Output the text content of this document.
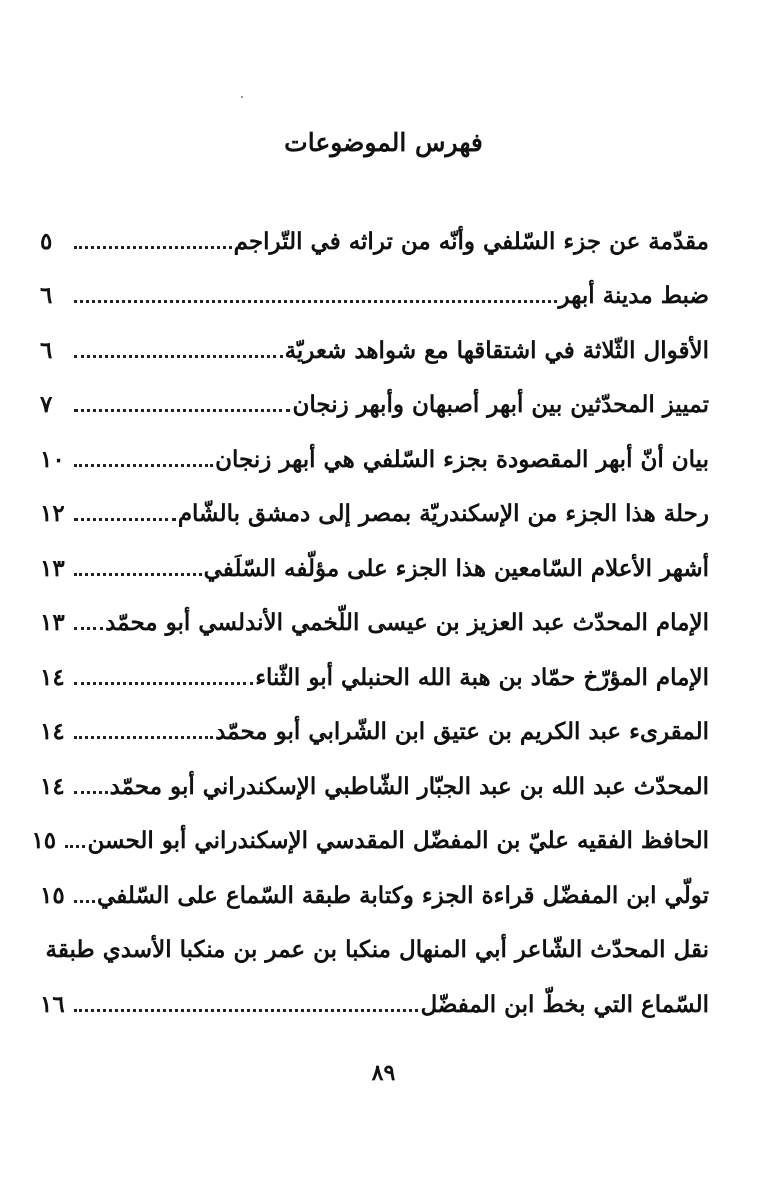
فهرس الموضوعات
مقدّمة عن جزء السّلفي وأنّه من تراثه في التّراجم
٥
ضبط مدينة أبهر
٦
الأقوال الثّلاثة في اشتقاقها مع شواهد شعريّة
٦
تمييز المحدّثين بين أبهر أصبهان وأبهر زنجان
٧
بيان أنّ أبهر المقصودة بجزء السّلفي هي أبهر زنجان
١٠
رحلة هذا الجزء من الإسكندريّة بمصر إلى دمشق بالشّام
١٢
أشهر الأعلام السّامعين هذا الجزء على مؤلّفه السّلَفي
١٣
الإمام المحدّث عبد العزيز بن عيسى اللّخمي الأندلسي أبو محمّد
١٣
الإمام المؤرّخ حمّاد بن هبة الله الحنبلي أبو الثّناء
١٤
المقرىء عبد الكريم بن عتيق ابن الشّرابي أبو محمّد
١٤
المحدّث عبد الله بن عبد الجبّار الشّاطبي الإسكندراني أبو محمّد
١٤
الحافظ الفقيه عليّ بن المفضّل المقدسي الإسكندراني أبو الحسن
١٥
تولّي ابن المفضّل قراءة الجزء وكتابة طبقة السّماع على السّلفي
١٥
نقل المحدّث الشّاعر أبي المنهال منكبا بن عمر بن منكبا الأسدي طبقة
السّماع التي بخطّ ابن المفضّل
١٦
٨٩
